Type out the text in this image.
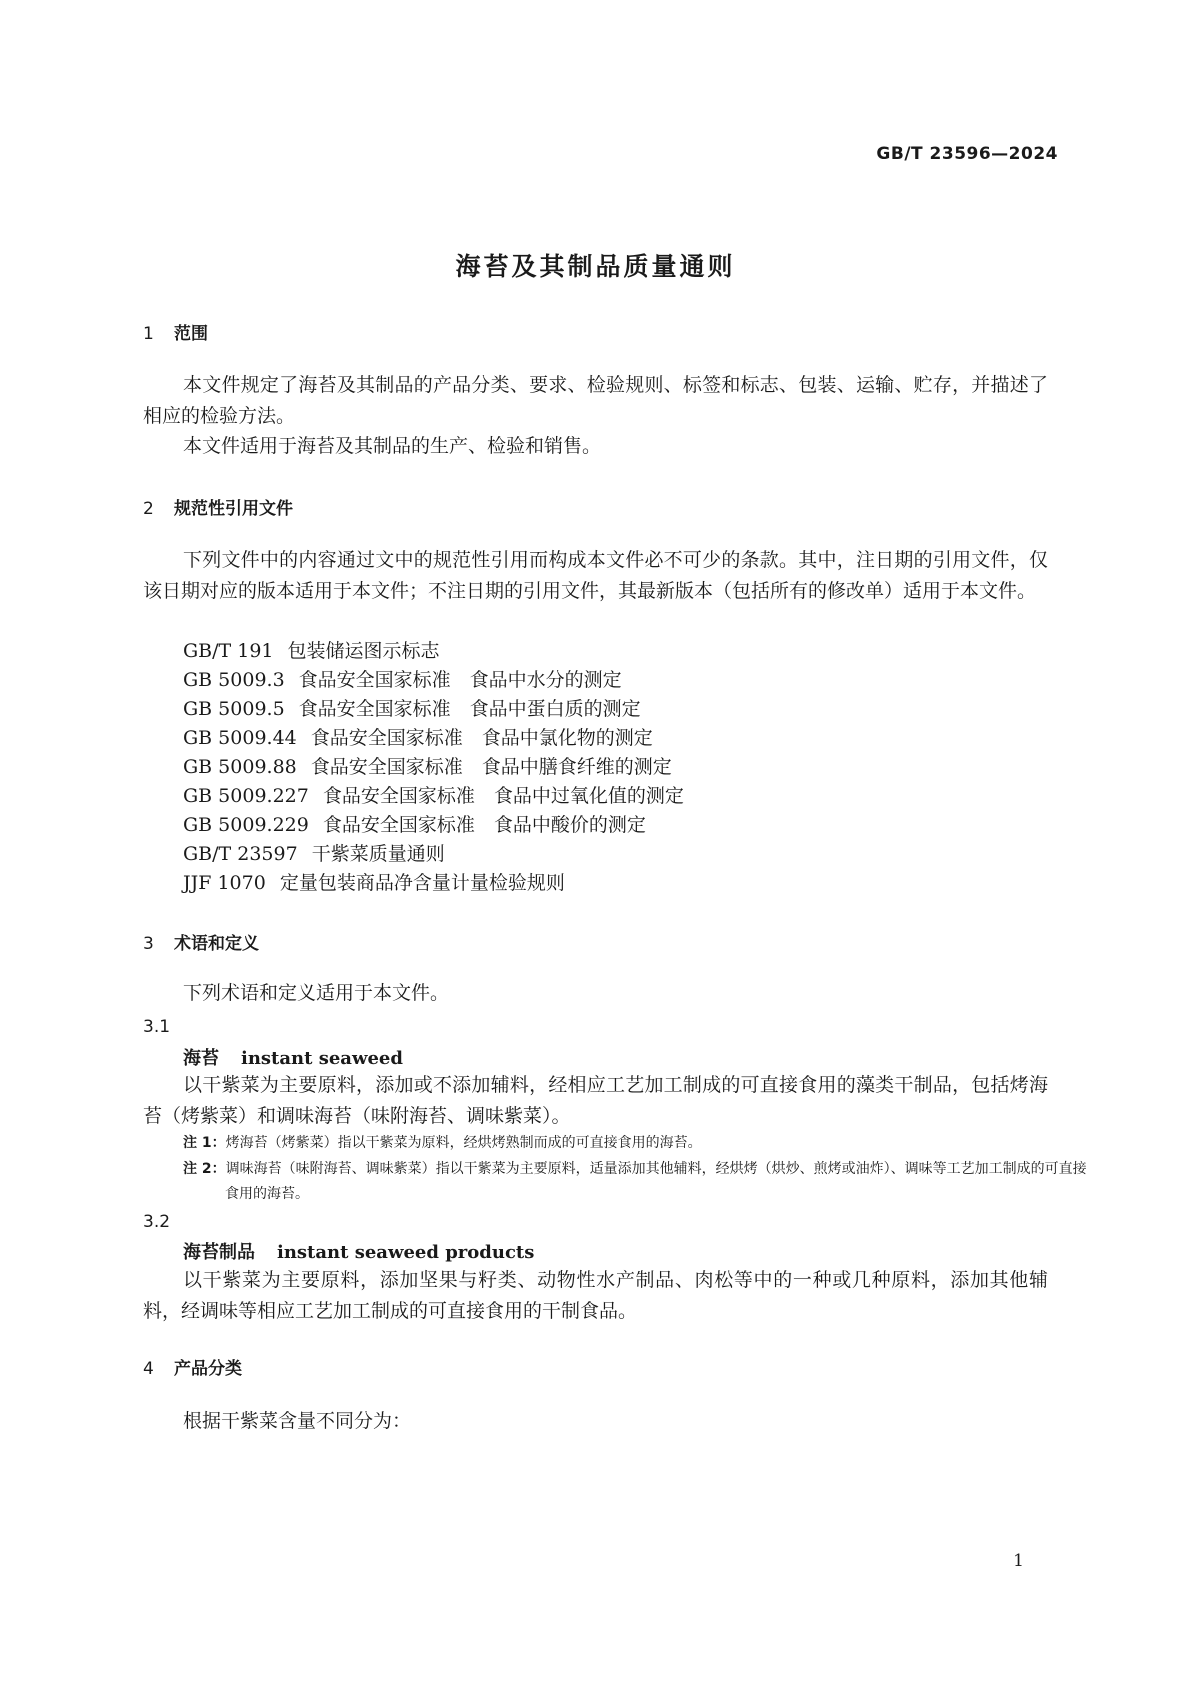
GB/T 23596—2024
海苔及其制品质量通则
1 范围

本文件规定了海苔及其制品的产品分类、要求、检验规则、标签和标志、包装、运输、贮存，并描述了相应的检验方法。

本文件适用于海苔及其制品的生产、检验和销售。

2 规范性引用文件

下列文件中的内容通过文中的规范性引用而构成本文件必不可少的条款。其中，注日期的引用文件，仅该日期对应的版本适用于本文件；不注日期的引用文件，其最新版本（包括所有的修改单）适用于本文件。

GB/T 191 包装储运图示标志
GB 5009.3 食品安全国家标准　食品中水分的测定
GB 5009.5 食品安全国家标准　食品中蛋白质的测定
GB 5009.44 食品安全国家标准　食品中氯化物的测定
GB 5009.88 食品安全国家标准　食品中膳食纤维的测定
GB 5009.227 食品安全国家标准　食品中过氧化值的测定
GB 5009.229 食品安全国家标准　食品中酸价的测定
GB/T 23597 干紫菜质量通则
JJF 1070 定量包装商品净含量计量检验规则
3 术语和定义

下列术语和定义适用于本文件。

3.1
海苔 instant seaweed

以干紫菜为主要原料，添加或不添加辅料，经相应工艺加工制成的可直接食用的藻类干制品，包括烤海苔（烤紫菜）和调味海苔（味附海苔、调味紫菜）。

注 1：烤海苔（烤紫菜）指以干紫菜为原料，经烘烤熟制而成的可直接食用的海苔。

注 2：调味海苔（味附海苔、调味紫菜）指以干紫菜为主要原料，适量添加其他辅料，经烘烤（烘炒、煎烤或油炸）、调味等工艺加工制成的可直接食用的海苔。

3.2
海苔制品 instant seaweed products

以干紫菜为主要原料，添加坚果与籽类、动物性水产制品、肉松等中的一种或几种原料，添加其他辅料，经调味等相应工艺加工制成的可直接食用的干制食品。

4 产品分类

根据干紫菜含量不同分为：

1
